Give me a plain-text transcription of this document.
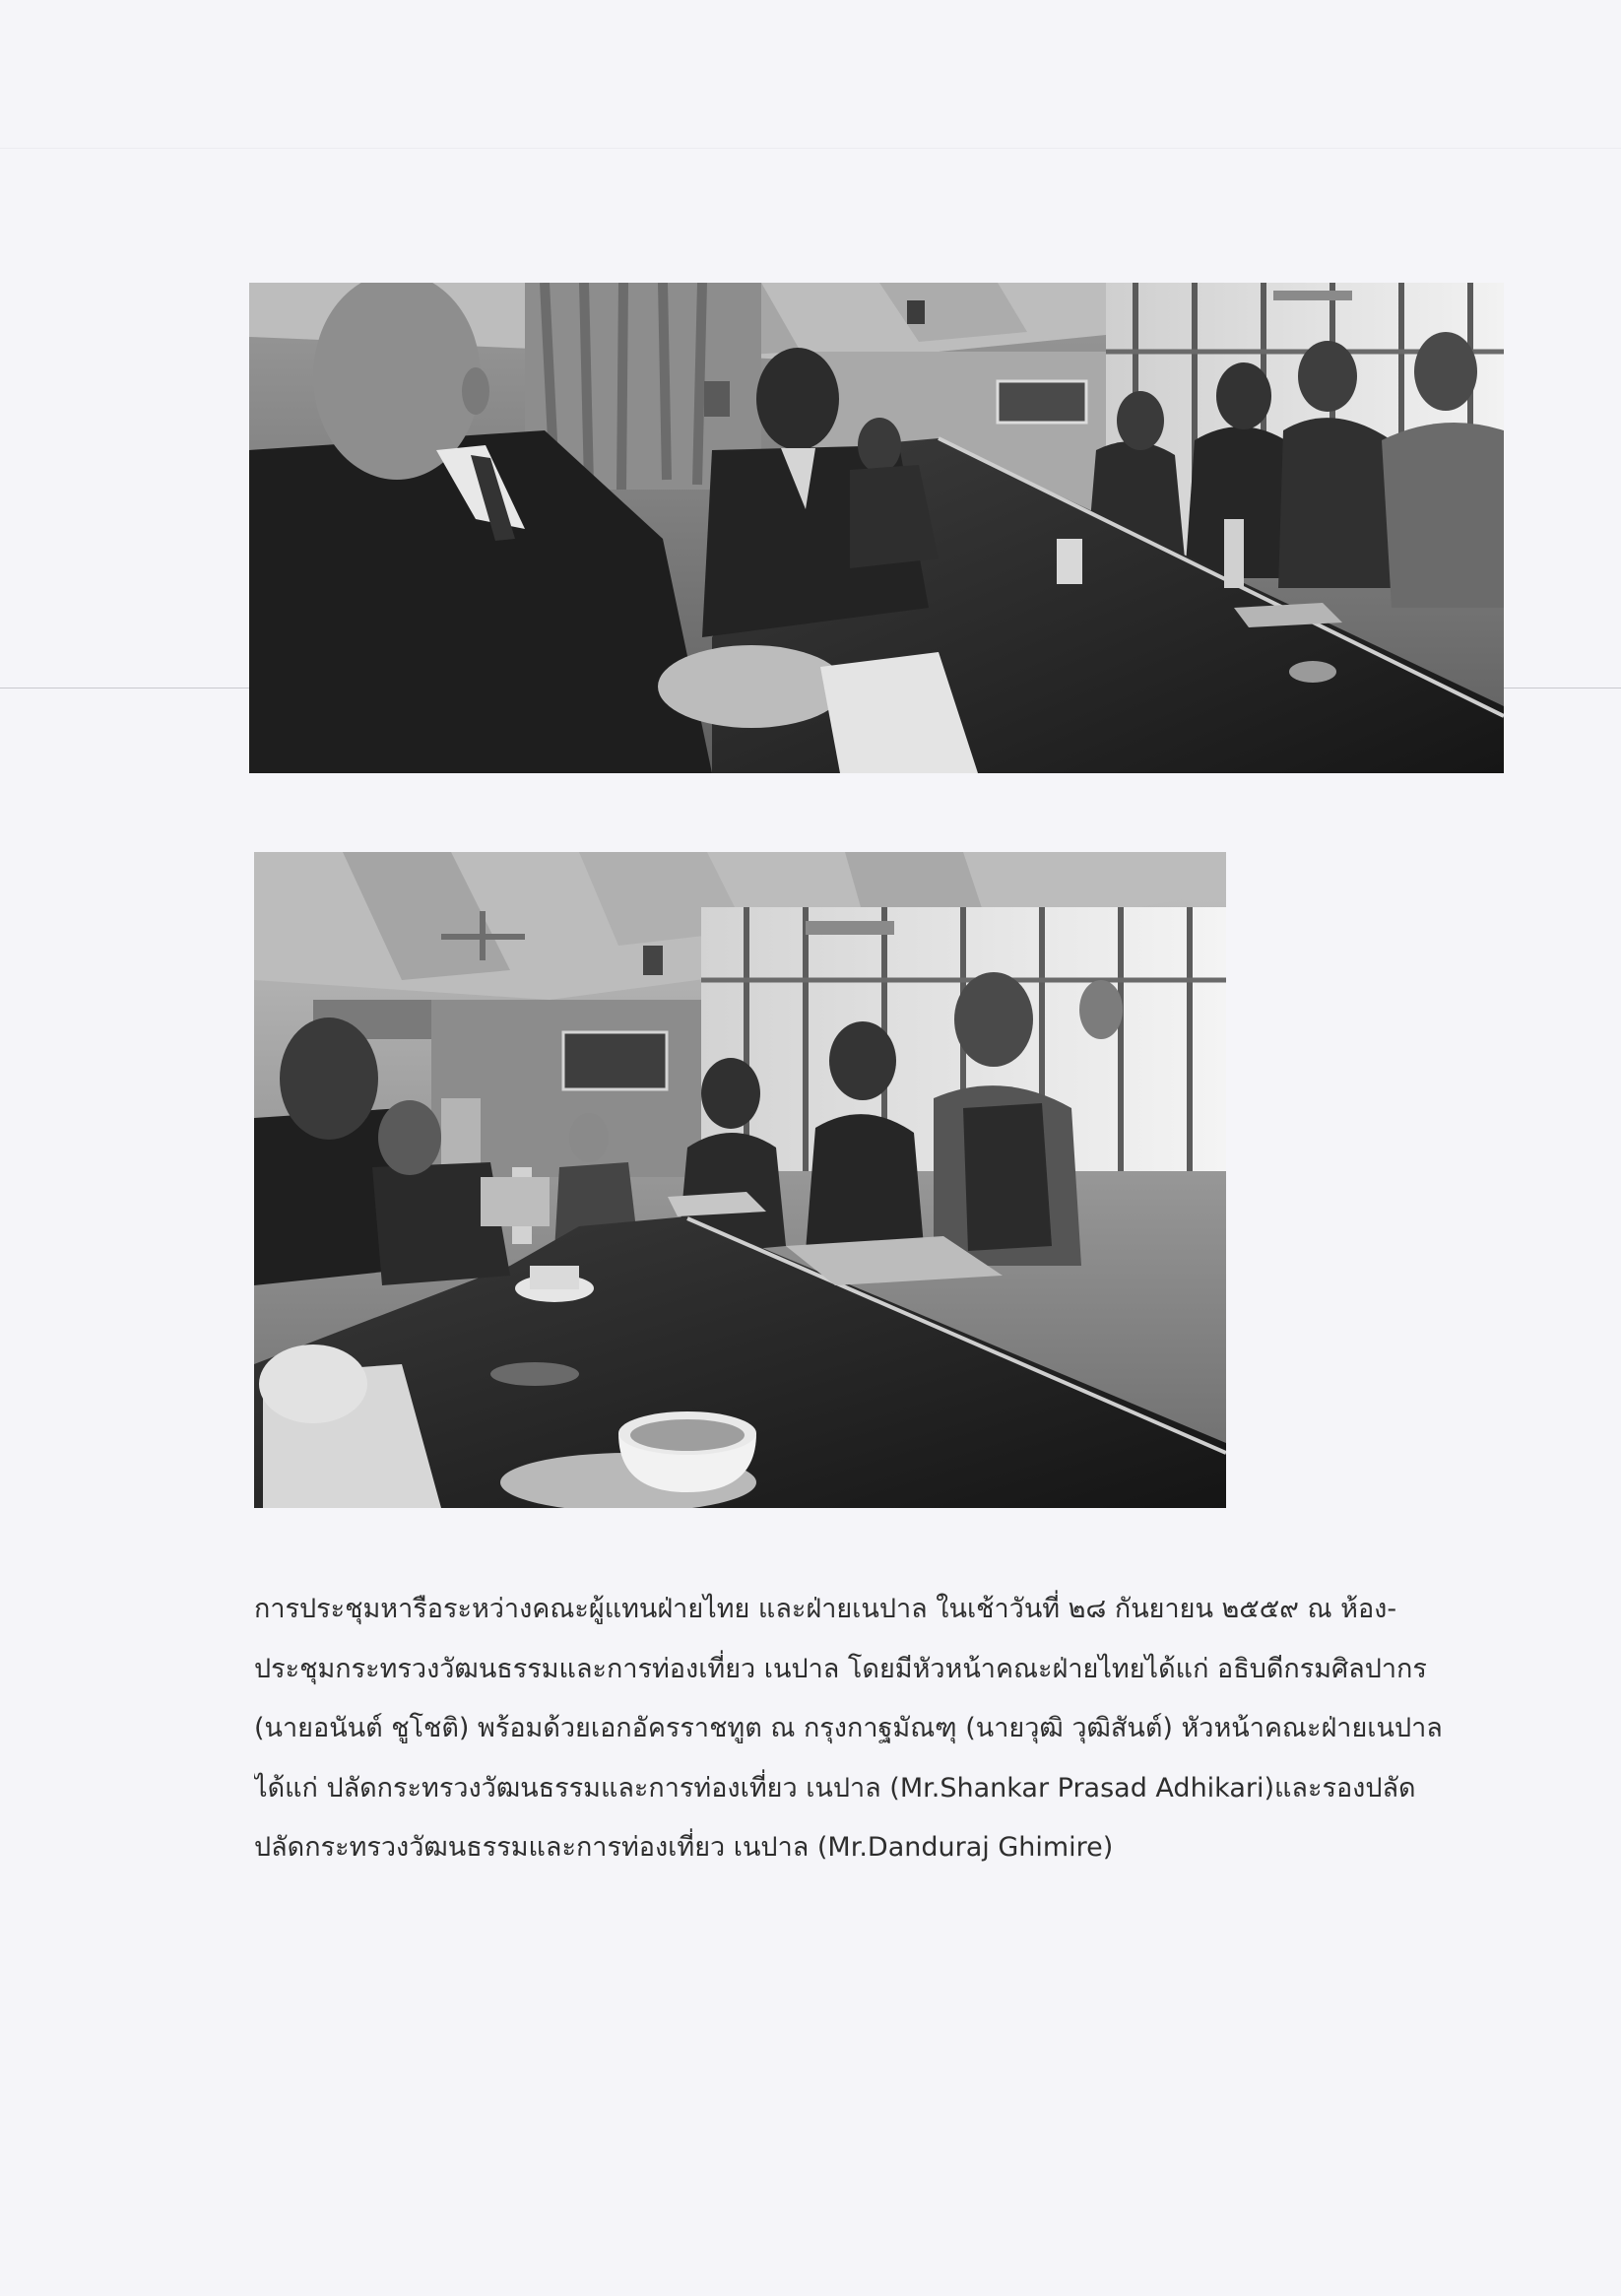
การประชุมหารือระหว่างคณะผู้แทนฝ่ายไทย และฝ่ายเนปาล ในเช้าวันที่ ๒๘ กันยายน ๒๕๕๙ ณ ห้อง-
ประชุมกระทรวงวัฒนธรรมและการท่องเที่ยว เนปาล โดยมีหัวหน้าคณะฝ่ายไทยได้แก่ อธิบดีกรมศิลปากร
(นายอนันต์ ชูโชติ) พร้อมด้วยเอกอัครราชทูต ณ กรุงกาฐมัณฑุ (นายวุฒิ วุฒิสันต์) หัวหน้าคณะฝ่ายเนปาล
ได้แก่ ปลัดกระทรวงวัฒนธรรมและการท่องเที่ยว เนปาล (Mr.Shankar Prasad Adhikari)และรองปลัด
ปลัดกระทรวงวัฒนธรรมและการท่องเที่ยว เนปาล (Mr.Danduraj Ghimire)
